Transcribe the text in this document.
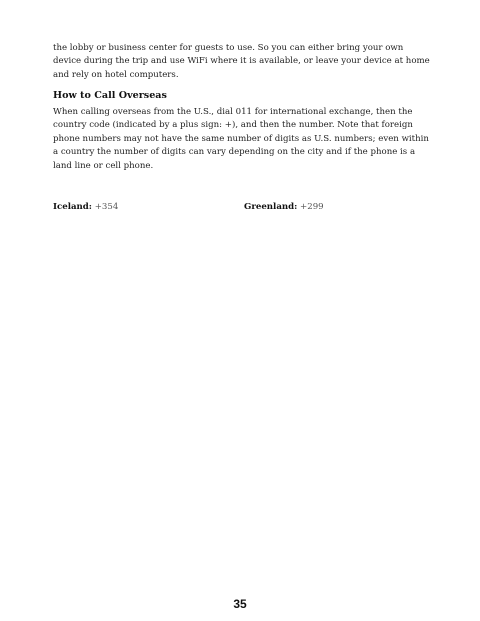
the lobby or business center for guests to use. So you can either bring your own device during the trip and use WiFi where it is available, or leave your device at home and rely on hotel computers.

How to Call Overseas

When calling overseas from the U.S., dial 011 for international exchange, then the country code (indicated by a plus sign: +), and then the number. Note that foreign phone numbers may not have the same number of digits as U.S. numbers; even within a country the number of digits can vary depending on the city and if the phone is a land line or cell phone.

Iceland: +354	Greenland: +299
35
